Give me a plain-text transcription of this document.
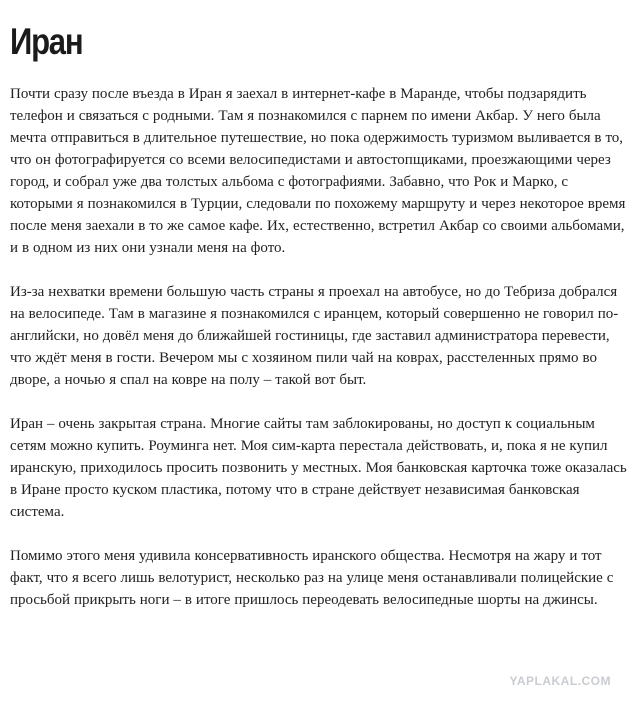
Иран

Почти сразу после въезда в Иран я заехал в интернет-кафе в Маранде, чтобы подзарядить телефон и связаться с родными. Там я познакомился с парнем по имени Акбар. У него была мечта отправиться в длительное путешествие, но пока одержимость туризмом выливается в то, что он фотографируется со всеми велосипедистами и автостопщиками, проезжающими через город, и собрал уже два толстых альбома с фотографиями. Забавно, что Рок и Марко, с которыми я познакомился в Турции, следовали по похожему маршруту и через некоторое время после меня заехали в то же самое кафе. Их, естественно, встретил Акбар со своими альбомами, и в одном из них они узнали меня на фото.

Из-за нехватки времени большую часть страны я проехал на автобусе, но до Тебриза добрался на велосипеде. Там в магазине я познакомился с иранцем, который совершенно не говорил по-английски, но довёл меня до ближайшей гостиницы, где заставил администратора перевести, что ждёт меня в гости. Вечером мы с хозяином пили чай на коврах, расстеленных прямо во дворе, а ночью я спал на ковре на полу – такой вот быт.

Иран – очень закрытая страна. Многие сайты там заблокированы, но доступ к социальным сетям можно купить. Роуминга нет. Моя сим-карта перестала действовать, и, пока я не купил иранскую, приходилось просить позвонить у местных. Моя банковская карточка тоже оказалась в Иране просто куском пластика, потому что в стране действует независимая банковская система.

Помимо этого меня удивила консервативность иранского общества. Несмотря на жару и тот факт, что я всего лишь велотурист, несколько раз на улице меня останавливали полицейские с просьбой прикрыть ноги – в итоге пришлось переодевать велосипедные шорты на джинсы.

YAPLAKAL.COM
